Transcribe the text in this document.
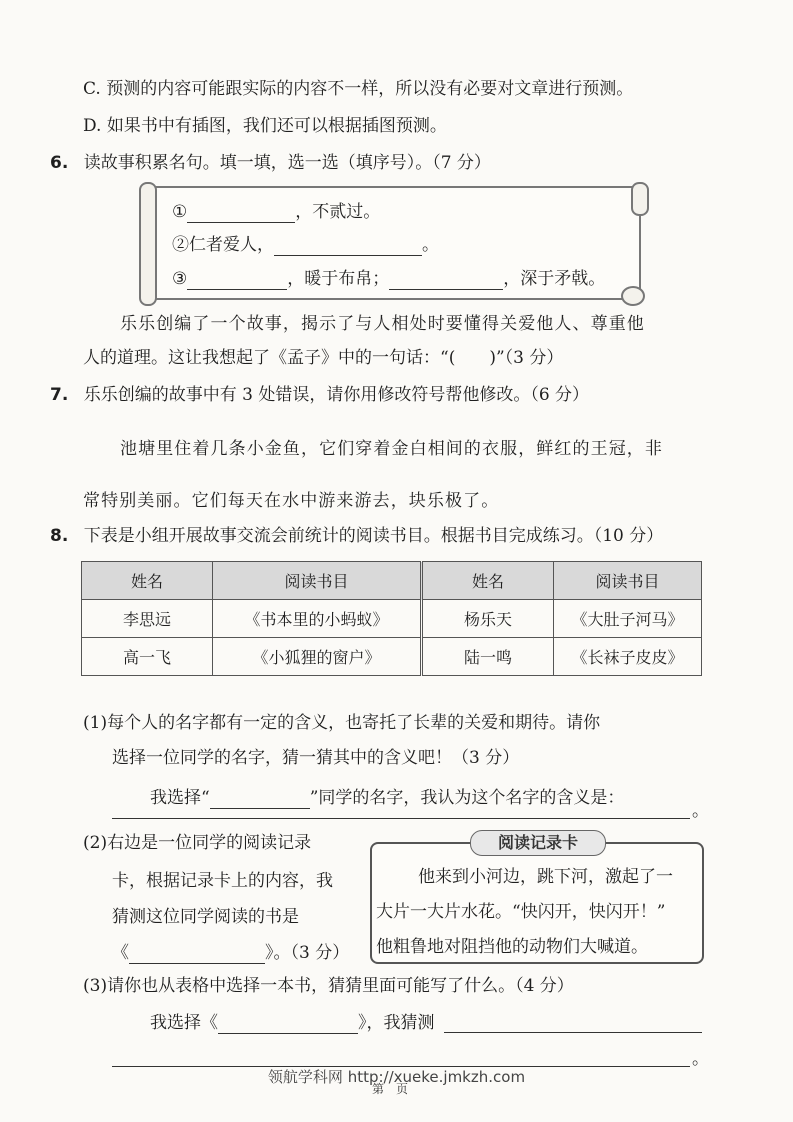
C. 预测的内容可能跟实际的内容不一样，所以没有必要对文章进行预测。
D. 如果书中有插图，我们还可以根据插图预测。
6. 读故事积累名句。填一填，选一选（填序号）。（7 分）
①	，不贰过。
②仁者爱人，	。
③	，暖于布帛；	，深于矛戟。
乐乐创编了一个故事，揭示了与人相处时要懂得关爱他人、尊重他
人的道理。这让我想起了《孟子》中的一句话：“(　　)”（3 分）
7. 乐乐创编的故事中有 3 处错误，请你用修改符号帮他修改。（6 分）
池塘里住着几条小金鱼，它们穿着金白相间的衣服，鲜红的王冠，非
常特别美丽。它们每天在水中游来游去，块乐极了。
8. 下表是小组开展故事交流会前统计的阅读书目。根据书目完成练习。（10 分）
姓名	阅读书目	姓名	阅读书目
李思远	《书本里的小蚂蚁》	杨乐天	《大肚子河马》
高一飞	《小狐狸的窗户》	陆一鸣	《长袜子皮皮》
(1)每个人的名字都有一定的含义，也寄托了长辈的关爱和期待。请你
选择一位同学的名字，猜一猜其中的含义吧！（3 分）
我选择“	”同学的名字，我认为这个名字的含义是：
。
(2)右边是一位同学的阅读记录
卡，根据记录卡上的内容，我
猜测这位同学阅读的书是
《	》。（3 分）
阅读记录卡
他来到小河边，跳下河，激起了一
大片一大片水花。“快闪开，快闪开！”
他粗鲁地对阻挡他的动物们大喊道。
(3)请你也从表格中选择一本书，猜猜里面可能写了什么。（4 分）
我选择《	》，我猜测
。
领航学科网 http://xueke.jmkzh.com
第　页
